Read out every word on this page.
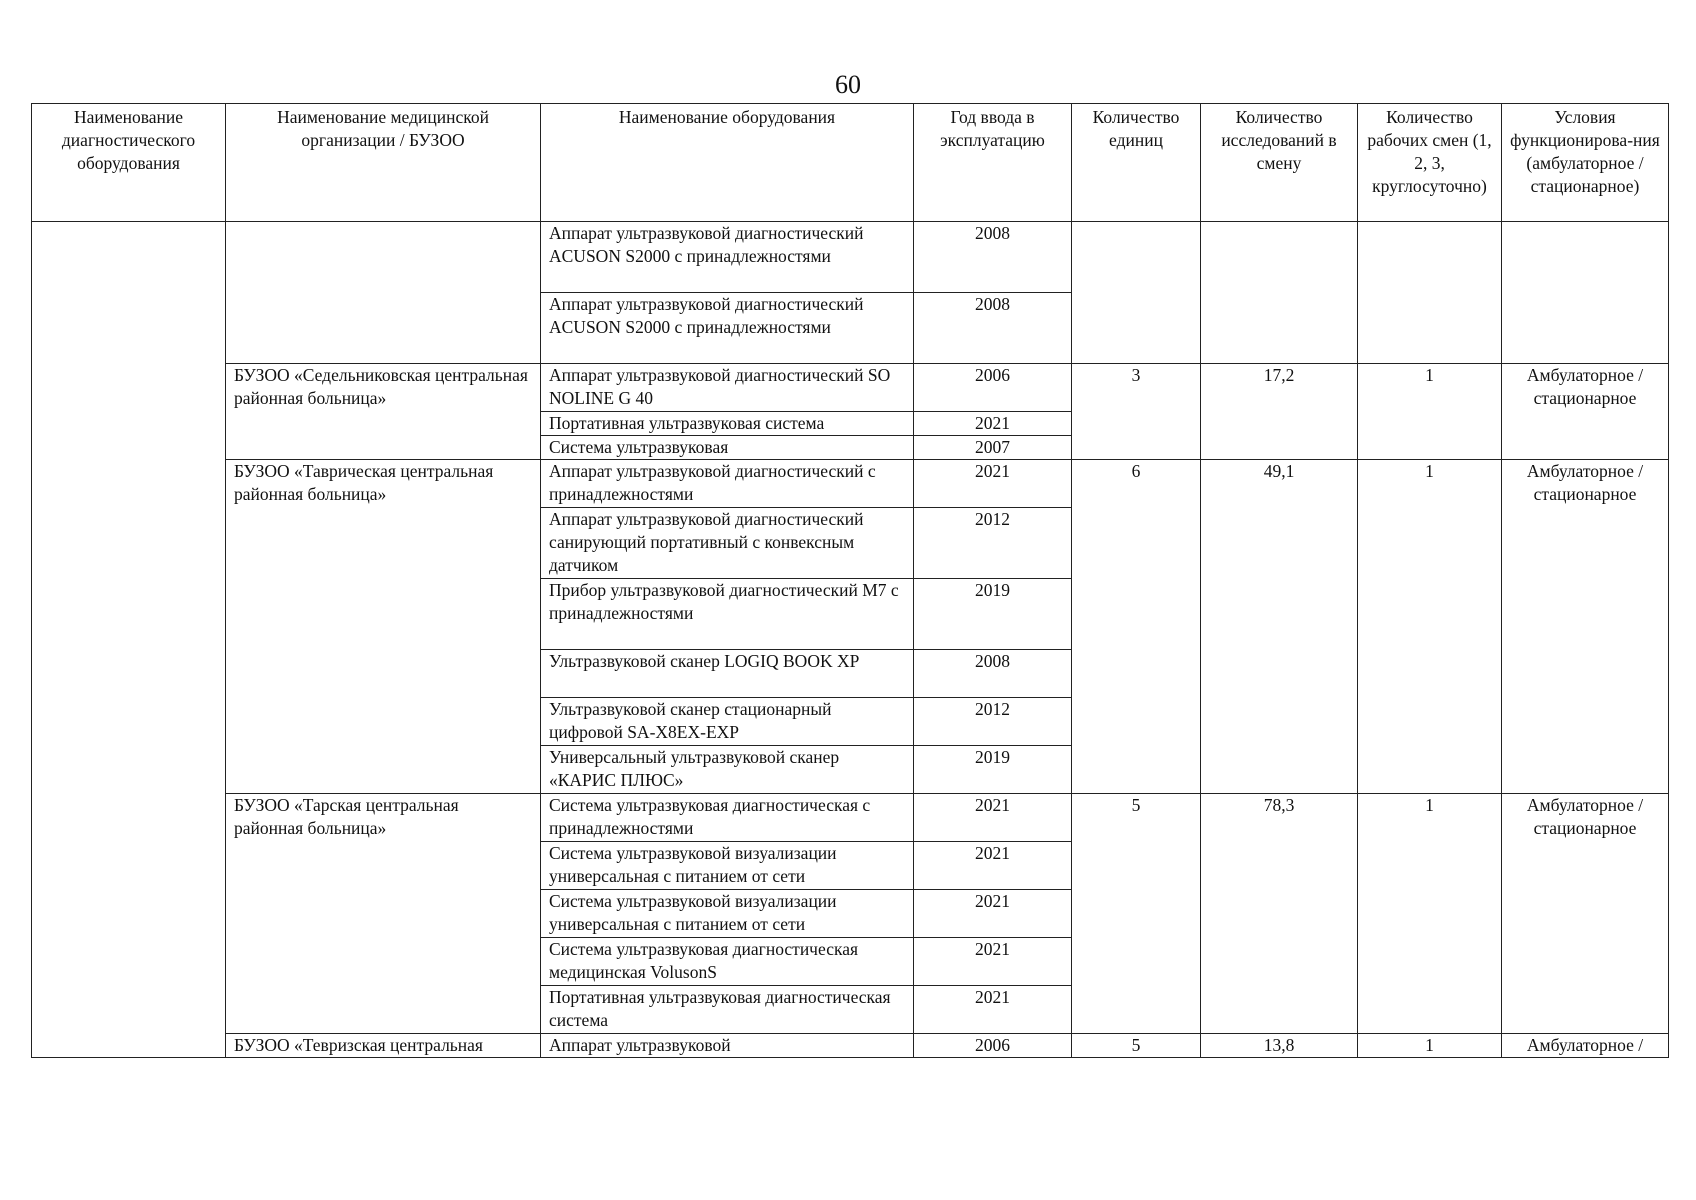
60
Наименование диагностического оборудования	Наименование медицинской организации / БУЗОО	Наименование оборудования	Год ввода в эксплуатацию	Количество единиц	Количество исследований в смену	Количество рабочих смен (1, 2, 3, круглосуточно)	Условия функционирова-ния (амбулаторное / стационарное)
		Аппарат ультразвуковой диагностический ACUSON S2000 с принадлежностями	2008				
		Аппарат ультразвуковой диагностический ACUSON S2000 с принадлежностями	2008				
	БУЗОО «Седельниковская центральная районная больница»	Аппарат ультразвуковой диагностический SO NOLINE G 40	2006	3	17,2	1	Амбулаторное / стационарное
		Портативная ультразвуковая система	2021				
		Система ультразвуковая	2007				
	БУЗОО «Таврическая центральная районная больница»	Аппарат ультразвуковой диагностический с принадлежностями	2021	6	49,1	1	Амбулаторное / стационарное
		Аппарат ультразвуковой диагностический санирующий портативный с конвексным датчиком	2012				
		Прибор ультразвуковой диагностический М7 с принадлежностями	2019				
		Ультразвуковой сканер LOGIQ BOOK XP	2008				
		Ультразвуковой сканер стационарный цифровой SA-X8EX-EXP	2012				
		Универсальный ультразвуковой сканер «КАРИС ПЛЮС»	2019				
	БУЗОО «Тарская центральная районная больница»	Система ультразвуковая диагностическая с принадлежностями	2021	5	78,3	1	Амбулаторное / стационарное
		Система ультразвуковой визуализации универсальная с питанием от сети	2021				
		Система ультразвуковой визуализации универсальная с питанием от сети	2021				
		Система ультразвуковая диагностическая медицинская VolusonS	2021				
		Портативная ультразвуковая диагностическая система	2021				
	БУЗОО «Тевризская центральная	Аппарат ультразвуковой	2006	5	13,8	1	Амбулаторное /
